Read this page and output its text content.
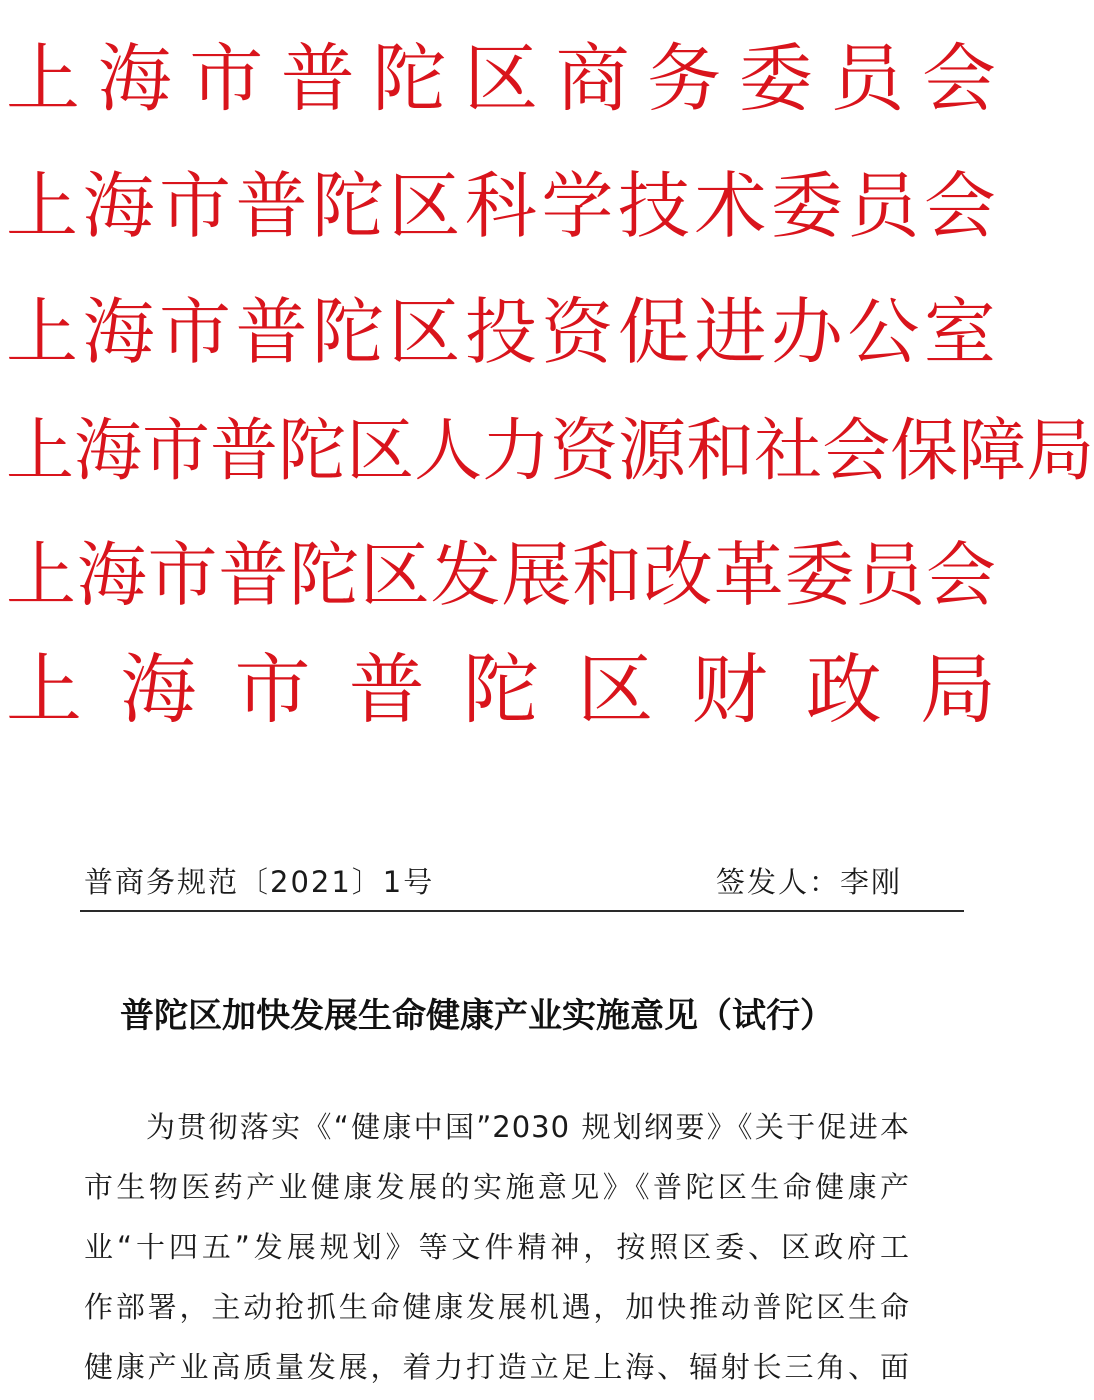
上 海 市 普 陀 区 商 务 委 员 会
上 海 市 普 陀 区 科 学 技 术 委 员 会
上 海 市 普 陀 区 投 资 促 进 办 公 室
上 海 市 普 陀 区 人 力 资 源 和 社 会 保 障 局
上 海 市 普 陀 区 发 展 和 改 革 委 员 会
上 海 市 普 陀 区 财 政 局
普商务规范〔2021〕1号	签发人：李刚
普陀区加快发展生命健康产业实施意见（试行）
为贯彻落实《“健康中国”2030 规划纲要》《关于促进本
市生物医药产业健康发展的实施意见》《普陀区生命健康产
业“十四五”发展规划》等文件精神，按照区委、区政府工
作部署，主动抢抓生命健康发展机遇，加快推动普陀区生命
健康产业高质量发展，着力打造立足上海、辐射长三角、面
